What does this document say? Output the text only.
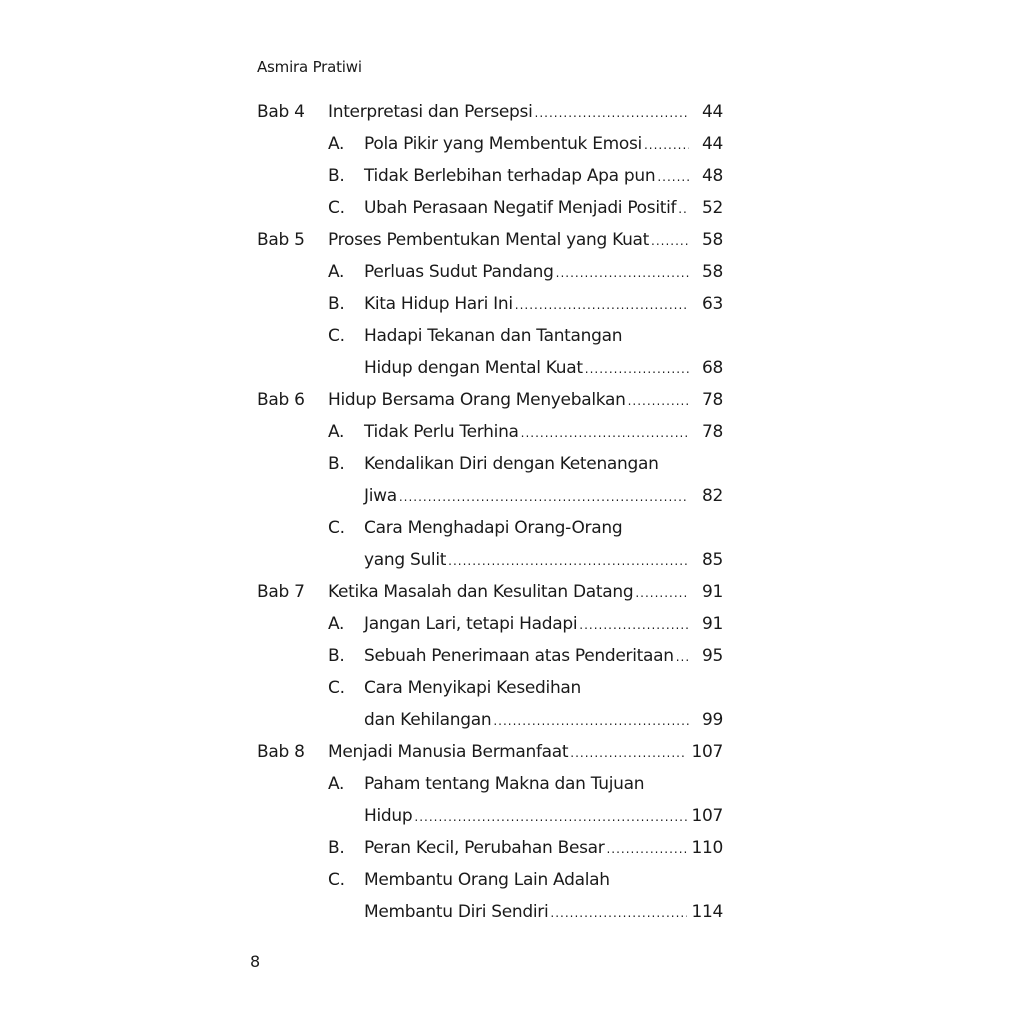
Asmira Pratiwi
Bab 4 Interpretasi dan Persepsi .....	44
A. Pola Pikir yang Membentuk Emosi .....	44
B. Tidak Berlebihan terhadap Apa pun .....	48
C. Ubah Perasaan Negatif Menjadi Positif .....	52
Bab 5 Proses Pembentukan Mental yang Kuat .....	58
A. Perluas Sudut Pandang .....	58
B. Kita Hidup Hari Ini .....	63
C. Hadapi Tekanan dan Tantangan
Hidup dengan Mental Kuat .....	68
Bab 6 Hidup Bersama Orang Menyebalkan .....	78
A. Tidak Perlu Terhina .....	78
B. Kendalikan Diri dengan Ketenangan
Jiwa .....	82
C. Cara Menghadapi Orang-Orang
yang Sulit .....	85
Bab 7 Ketika Masalah dan Kesulitan Datang .....	91
A. Jangan Lari, tetapi Hadapi .....	91
B. Sebuah Penerimaan atas Penderitaan .....	95
C. Cara Menyikapi Kesedihan
dan Kehilangan .....	99
Bab 8 Menjadi Manusia Bermanfaat .....	107
A. Paham tentang Makna dan Tujuan
Hidup .....	107
B. Peran Kecil, Perubahan Besar .....	110
C. Membantu Orang Lain Adalah
Membantu Diri Sendiri .....	114
8
